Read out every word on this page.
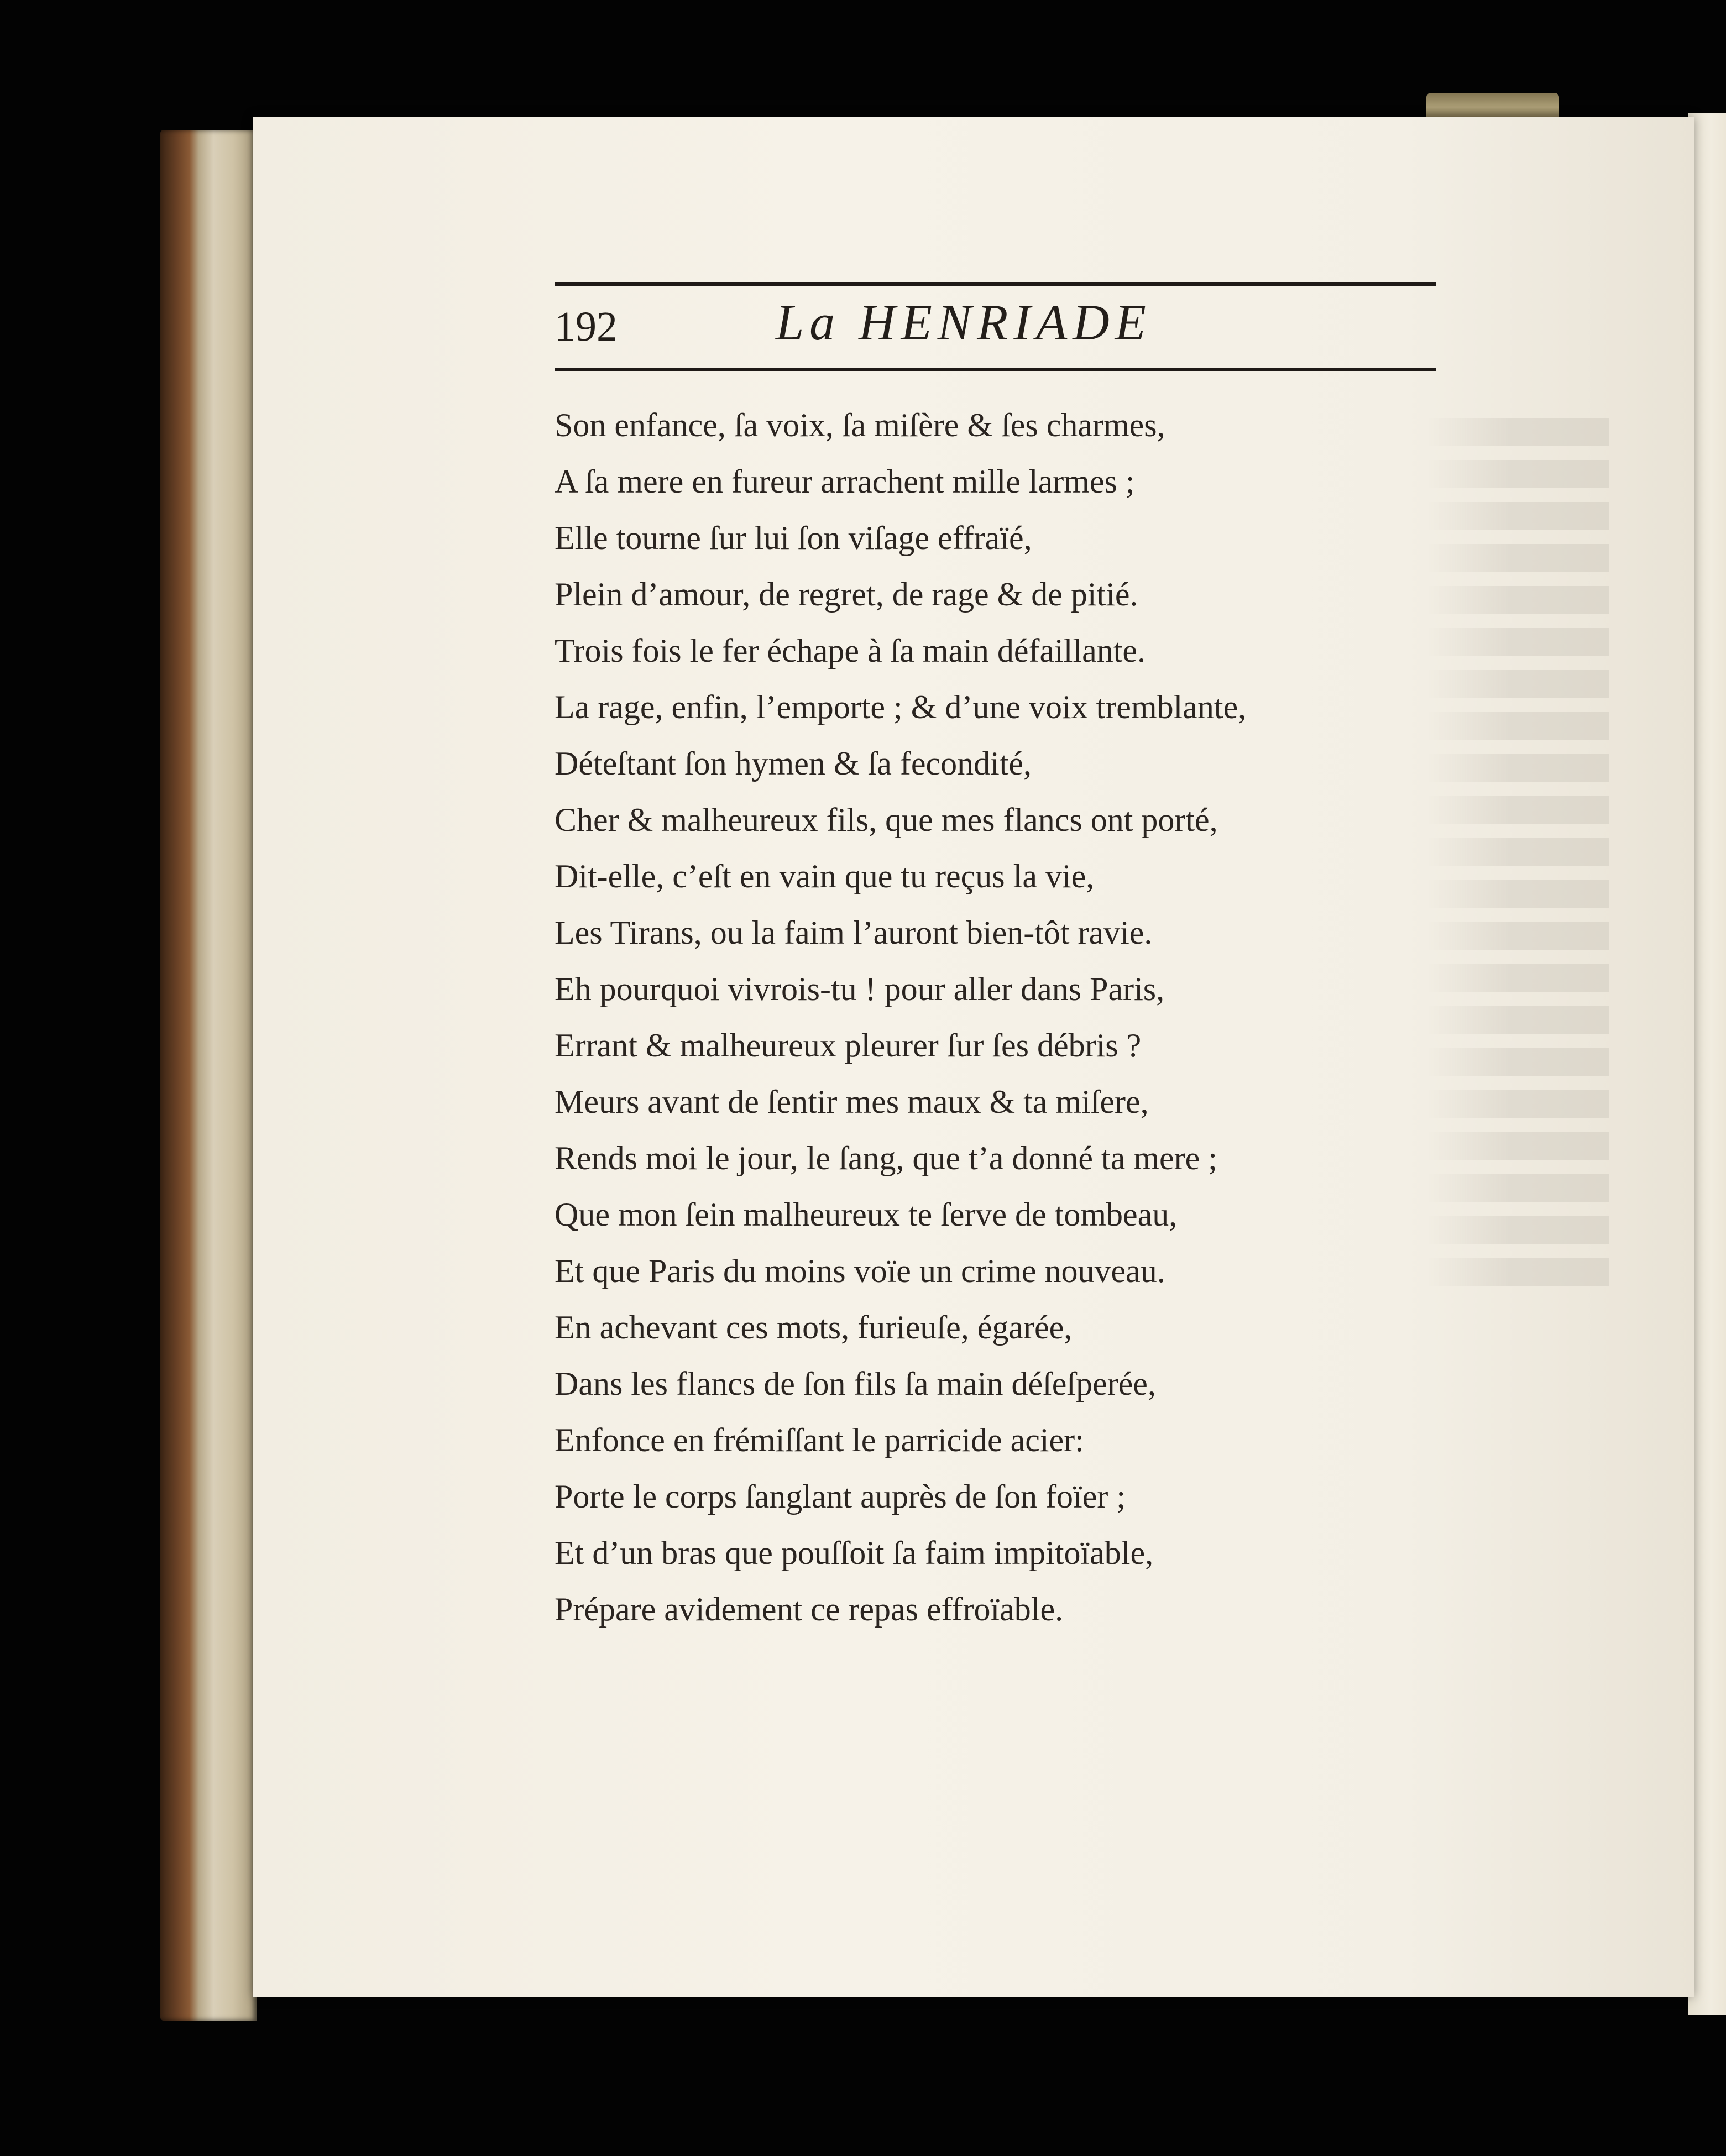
192	La HENRIADE
Son enfance, ſa voix, ſa miſère & ſes charmes,
A ſa mere en fureur arrachent mille larmes ;
Elle tourne ſur lui ſon viſage effraïé,
Plein d’amour, de regret, de rage & de pitié.
Trois fois le fer échape à ſa main défaillante.
La rage, enfin, l’emporte ; & d’une voix tremblante,
Déteſtant ſon hymen & ſa fecondité,
Cher & malheureux fils, que mes flancs ont porté,
Dit-elle, c’eſt en vain que tu reçus la vie,
Les Tirans, ou la faim l’auront bien-tôt ravie.
Eh pourquoi vivrois-tu ! pour aller dans Paris,
Errant & malheureux pleurer ſur ſes débris ?
Meurs avant de ſentir mes maux & ta miſere,
Rends moi le jour, le ſang, que t’a donné ta mere ;
Que mon ſein malheureux te ſerve de tombeau,
Et que Paris du moins voïe un crime nouveau.
En achevant ces mots, furieuſe, égarée,
Dans les flancs de ſon fils ſa main déſeſperée,
Enfonce en frémiſſant le parricide acier:
Porte le corps ſanglant auprès de ſon foïer ;
Et d’un bras que pouſſoit ſa faim impitoïable,
Prépare avidement ce repas effroïable.
